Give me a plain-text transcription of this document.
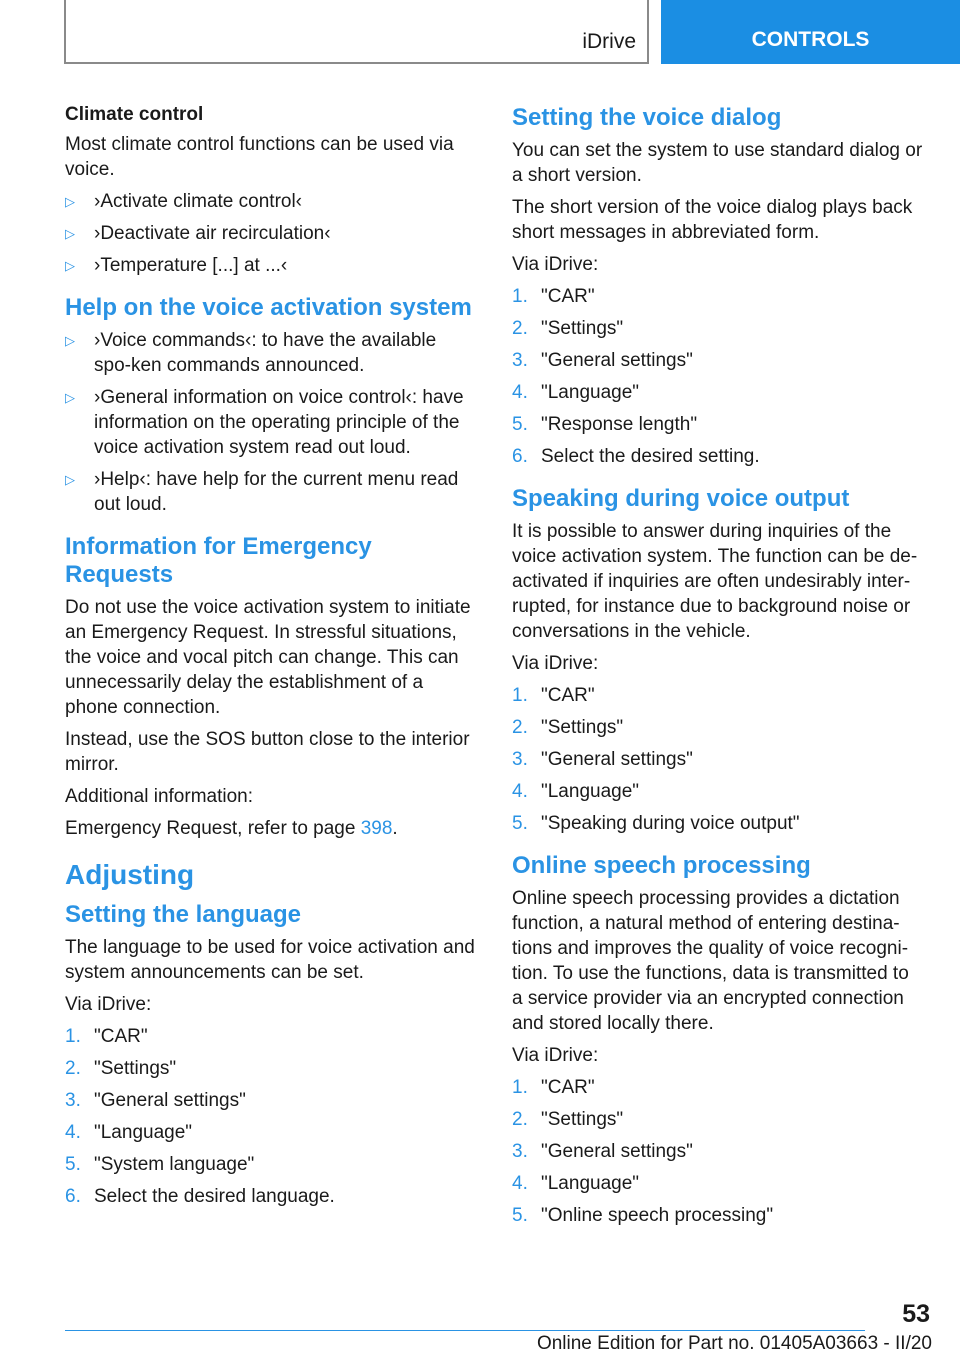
iDrive	CONTROLS
Climate control

Most climate control functions can be used via voice.

▷ ›Activate climate control‹
▷ ›Deactivate air recirculation‹
▷ ›Temperature [...] at ...‹
Help on the voice activation system
▷ ›Voice commands‹: to have the available spo-ken commands announced.
▷ ›General information on voice control‹: have information on the operating principle of the voice activation system read out loud.
▷ ›Help‹: have help for the current menu read out loud.
Information for Emergency Requests

Do not use the voice activation system to initiate an Emergency Request. In stressful situations, the voice and vocal pitch can change. This can unnecessarily delay the establishment of a phone connection.

Instead, use the SOS button close to the interior mirror.

Additional information:

Emergency Request, refer to page 398.

Adjusting
Setting the language

The language to be used for voice activation and system announcements can be set.

Via iDrive:

1. "CAR"
2. "Settings"
3. "General settings"
4. "Language"
5. "System language"
6. Select the desired language.
Setting the voice dialog

You can set the system to use standard dialog or a short version.

The short version of the voice dialog plays back short messages in abbreviated form.

Via iDrive:

1. "CAR"
2. "Settings"
3. "General settings"
4. "Language"
5. "Response length"
6. Select the desired setting.
Speaking during voice output

It is possible to answer during inquiries of the voice activation system. The function can be de-activated if inquiries are often undesirably inter-rupted, for instance due to background noise or conversations in the vehicle.

Via iDrive:

1. "CAR"
2. "Settings"
3. "General settings"
4. "Language"
5. "Speaking during voice output"
Online speech processing

Online speech processing provides a dictation function, a natural method of entering destina-tions and improves the quality of voice recogni-tion. To use the functions, data is transmitted to a service provider via an encrypted connection and stored locally there.

Via iDrive:

1. "CAR"
2. "Settings"
3. "General settings"
4. "Language"
5. "Online speech processing"
53
Online Edition for Part no. 01405A03663 - II/20
